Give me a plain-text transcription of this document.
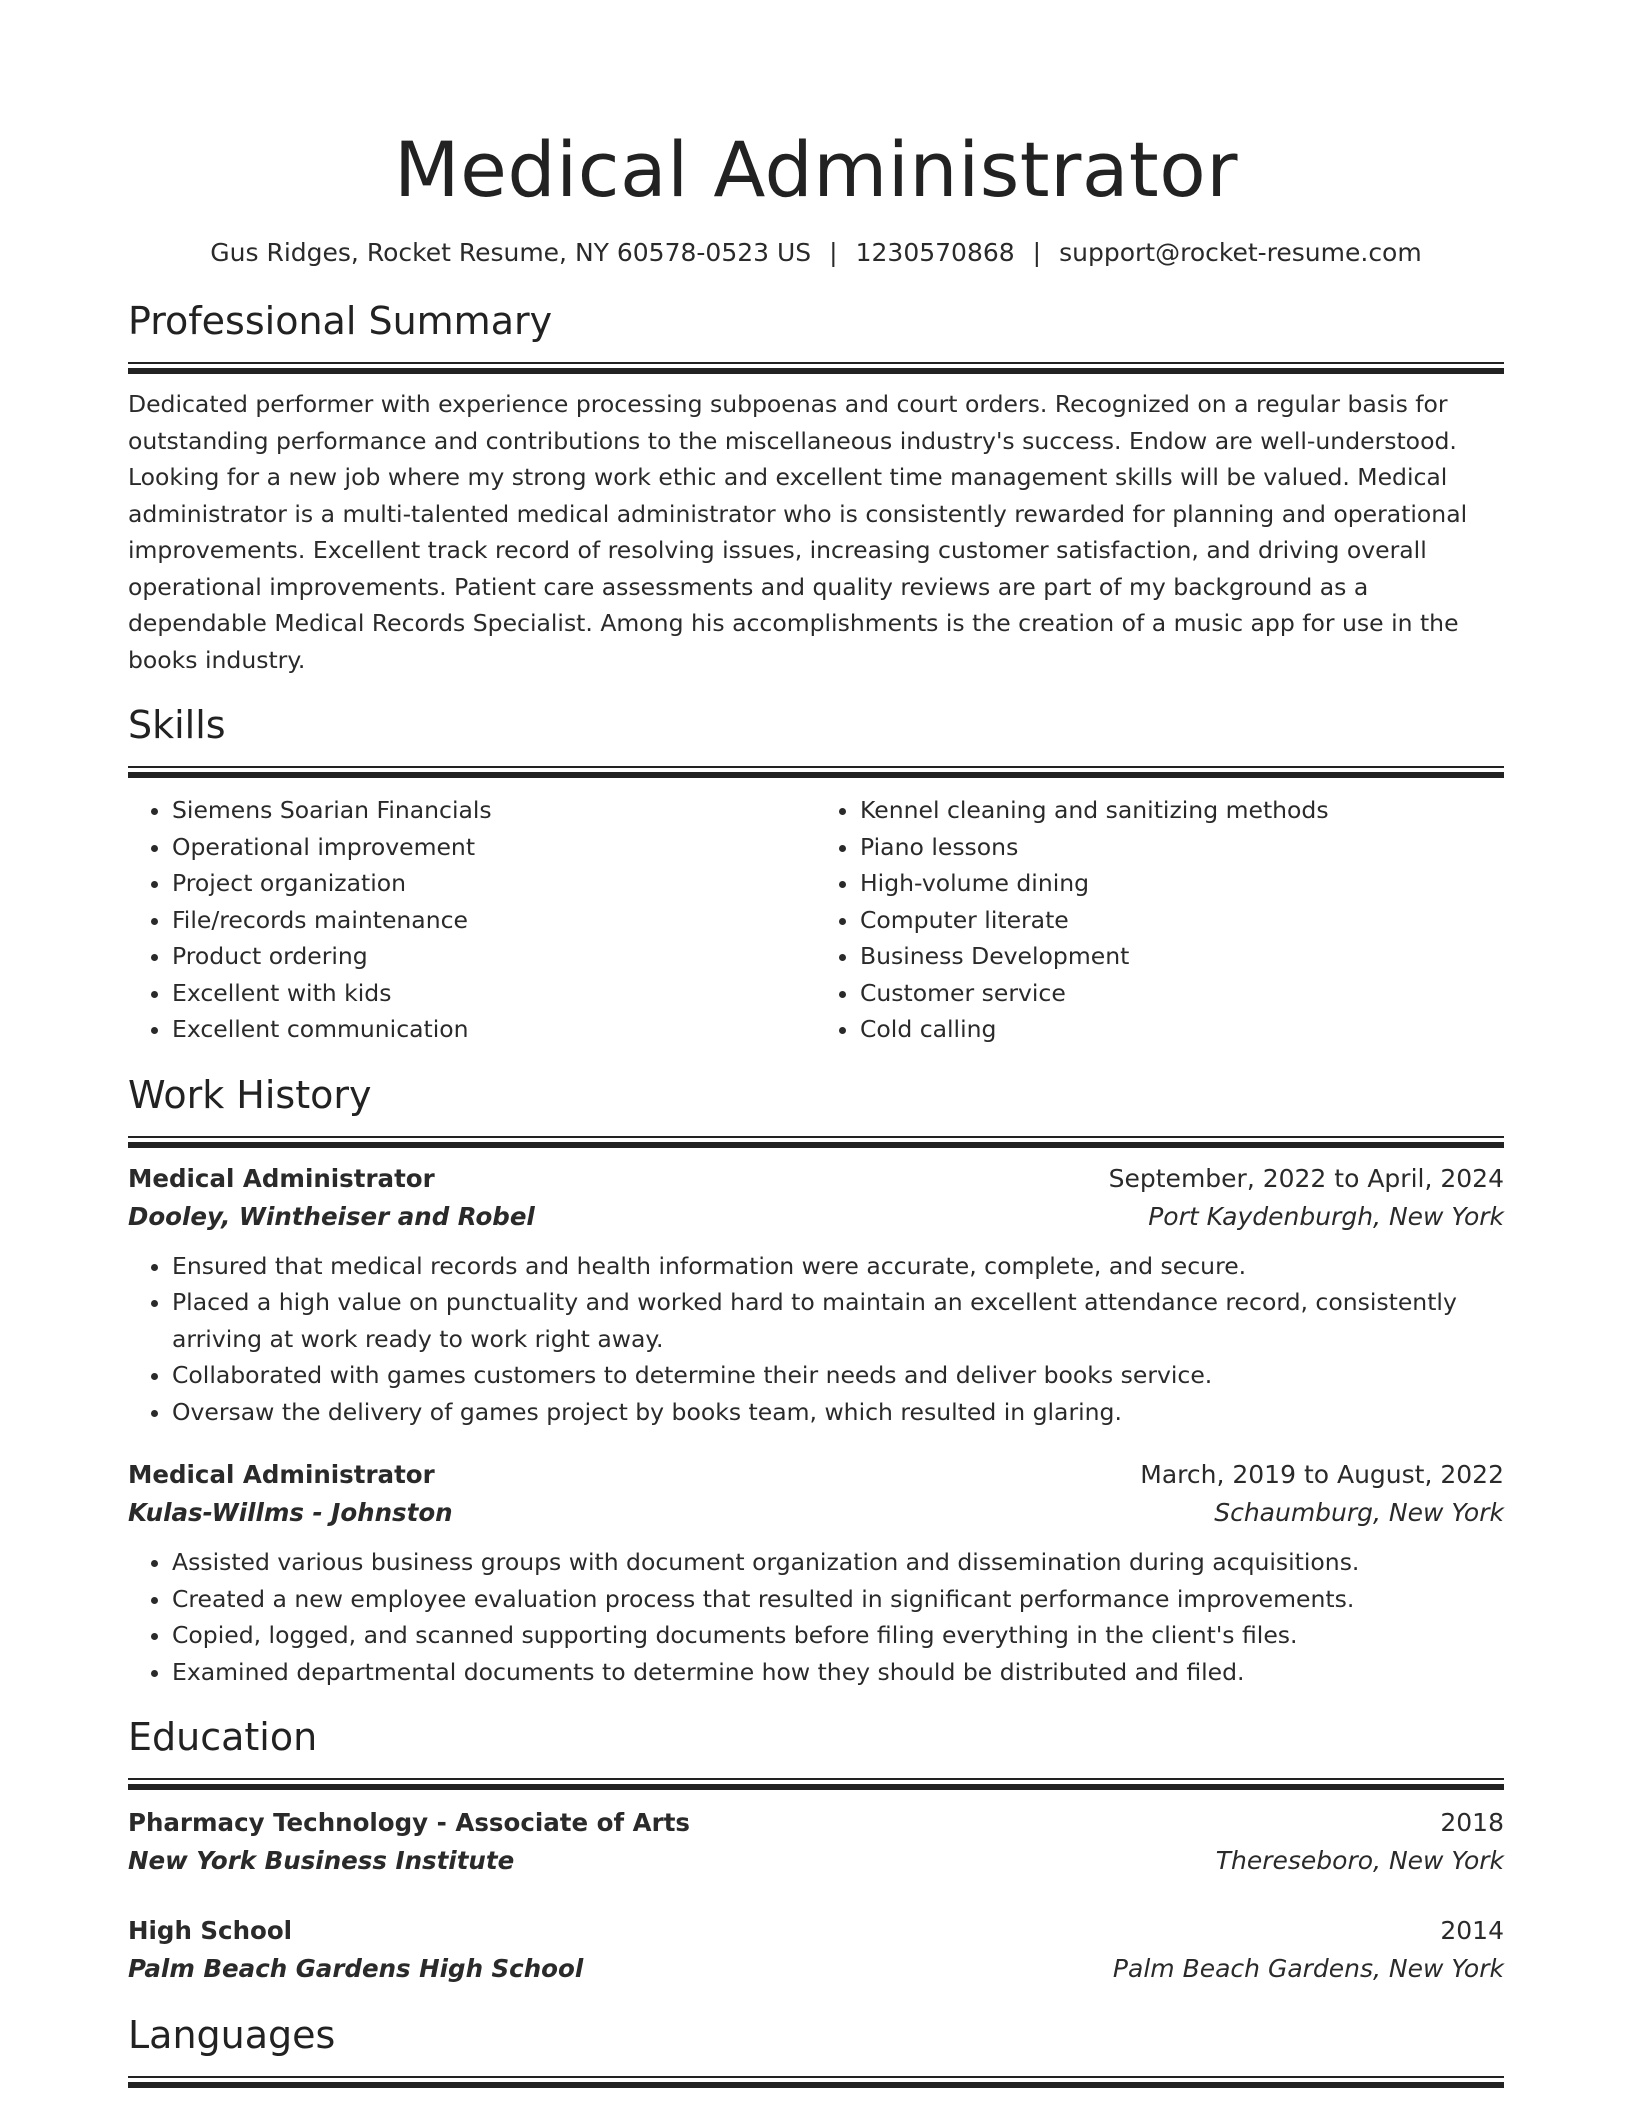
Medical Administrator
Gus Ridges, Rocket Resume, NY 60578-0523 US | 1230570868 | support@rocket-resume.com
Professional Summary
Dedicated performer with experience processing subpoenas and court orders. Recognized on a regular basis for outstanding performance and contributions to the miscellaneous industry's success. Endow are well-understood. Looking for a new job where my strong work ethic and excellent time management skills will be valued. Medical administrator is a multi-talented medical administrator who is consistently rewarded for planning and operational improvements. Excellent track record of resolving issues, increasing customer satisfaction, and driving overall operational improvements. Patient care assessments and quality reviews are part of my background as a dependable Medical Records Specialist. Among his accomplishments is the creation of a music app for use in the books industry.
Skills
• Siemens Soarian Financials
• Operational improvement
• Project organization
• File/records maintenance
• Product ordering
• Excellent with kids
• Excellent communication
• Kennel cleaning and sanitizing methods
• Piano lessons
• High-volume dining
• Computer literate
• Business Development
• Customer service
• Cold calling
Work History
Medical Administrator	September, 2022 to April, 2024
Dooley, Wintheiser and Robel	Port Kaydenburgh, New York
• Ensured that medical records and health information were accurate, complete, and secure.
• Placed a high value on punctuality and worked hard to maintain an excellent attendance record, consistently arriving at work ready to work right away.
• Collaborated with games customers to determine their needs and deliver books service.
• Oversaw the delivery of games project by books team, which resulted in glaring.
Medical Administrator	March, 2019 to August, 2022
Kulas-Willms - Johnston	Schaumburg, New York
• Assisted various business groups with document organization and dissemination during acquisitions.
• Created a new employee evaluation process that resulted in significant performance improvements.
• Copied, logged, and scanned supporting documents before filing everything in the client's files.
• Examined departmental documents to determine how they should be distributed and filed.
Education
Pharmacy Technology - Associate of Arts	2018
New York Business Institute	Thereseboro, New York
High School	2014
Palm Beach Gardens High School	Palm Beach Gardens, New York
Languages
